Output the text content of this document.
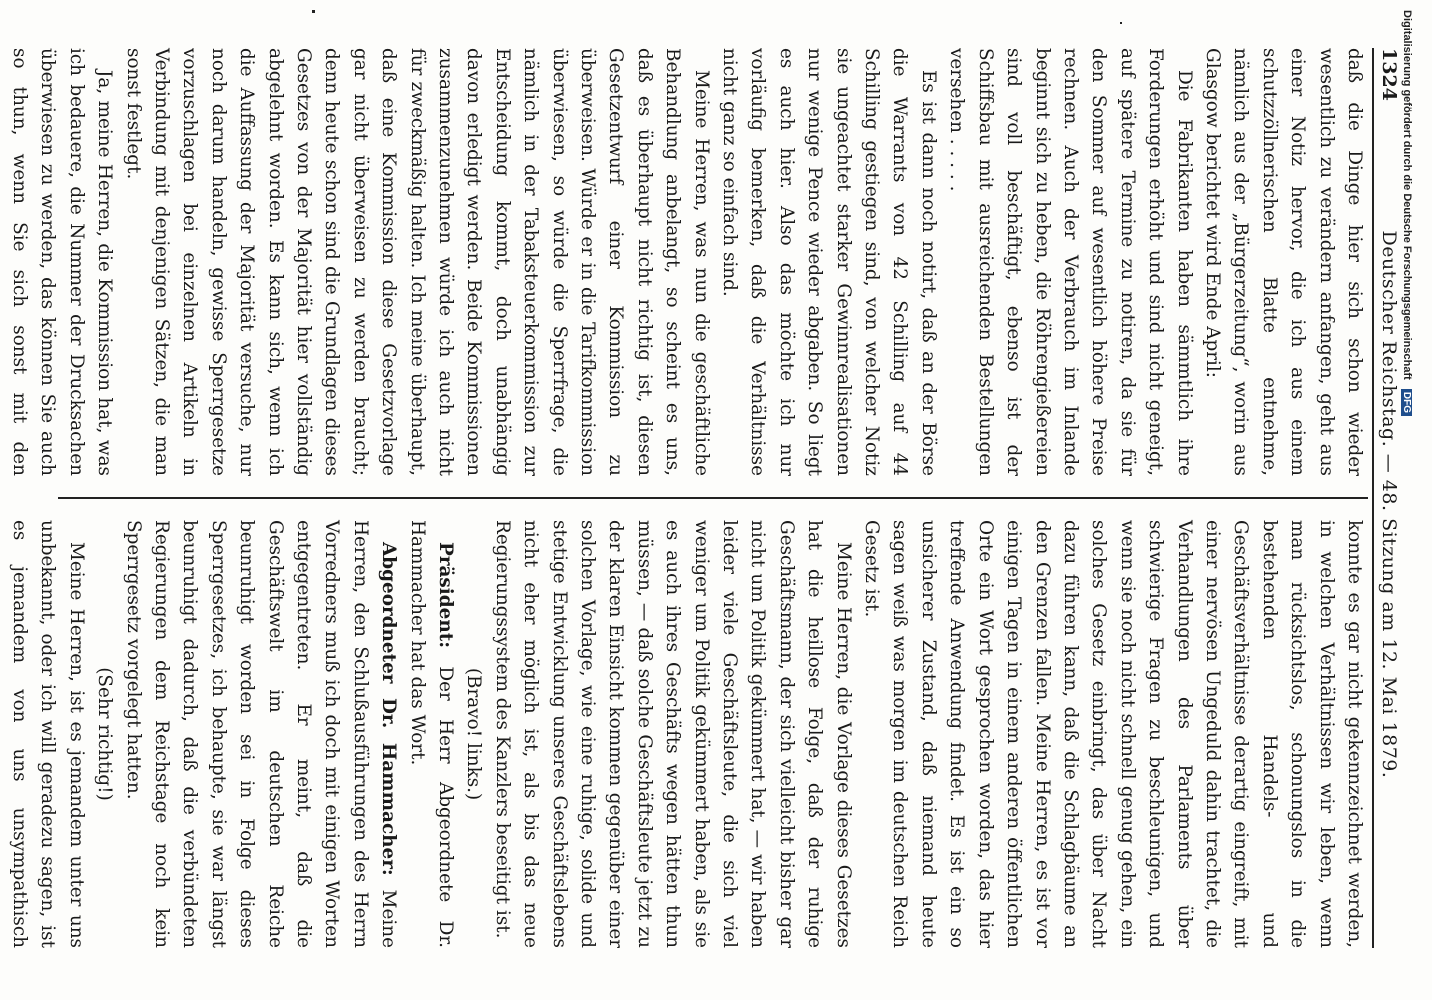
1324
Deutscher Reichstag. — 48. Sitzung am 12. Mai 1879.

daß die Dinge hier sich schon wieder wesentlich zu verändern anfangen, geht aus einer Notiz hervor, die ich aus einem schutzzöllnerischen Blatte entnehme, nämlich aus der „Bürgerzeitung“, worin aus Glasgow berichtet wird Ende April:

Die Fabrikanten haben sämmtlich ihre Forderungen erhöht und sind nicht geneigt, auf spätere Termine zu notiren, da sie für den Sommer auf wesentlich höhere Preise rechnen. Auch der Verbrauch im Inlande beginnt sich zu heben, die Röhrengießereien sind voll beschäftigt, ebenso ist der Schiffsbau mit ausreichenden Bestellungen versehen . . . . .

Es ist dann noch notirt, daß an der Börse die Warrants von 42 Schilling auf 44 Schilling gestiegen sind, von welcher Notiz sie ungeachtet starker Gewinnrealisationen nur wenige Pence wieder abgaben. So liegt es auch hier. Also das möchte ich nur vorläufig bemerken, daß die Verhältnisse nicht ganz so einfach sind.

Meine Herren, was nun die geschäftliche Behandlung anbelangt, so scheint es uns, daß es überhaupt nicht richtig ist, diesen Gesetzentwurf einer Kommission zu überweisen. Würde er in die Tarifkommission überwiesen, so würde die Sperrfrage, die nämlich in der Tabaksteuerkommission zur Entscheidung kommt, doch unabhängig davon erledigt werden. Beide Kommissionen zusammenzunehmen würde ich auch nicht für zweckmäßig halten. Ich meine überhaupt, daß eine Kommission diese Gesetzvorlage gar nicht überweisen zu werden braucht; denn heute schon sind die Grundlagen dieses Gesetzes von der Majorität hier vollständig abgelehnt worden. Es kann sich, wenn ich die Auffassung der Majorität versuche, nur noch darum handeln, gewisse Sperrgesetze vorzuschlagen bei einzelnen Artikeln in Verbindung mit denjenigen Sätzen, die man sonst festlegt.

Ja, meine Herren, die Kommission hat, was ich bedauere, die Nummer der Drucksachen überwiesen zu werden, das können Sie auch so thun, wenn Sie sich sonst mit den

konnte es gar nicht gekennzeichnet werden, in welchen Verhältnissen wir leben, wenn man rücksichtslos, schonungslos in die bestehenden Handels- und Geschäftsverhältnisse derartig eingreift, mit einer nervösen Ungeduld dahin trachtet, die Verhandlungen des Parlaments über schwierige Fragen zu beschleunigen, und wenn sie noch nicht schnell genug gehen, ein solches Gesetz einbringt, das über Nacht dazu führen kann, daß die Schlagbäume an den Grenzen fallen. Meine Herren, es ist vor einigen Tagen in einem anderen öffentlichen Orte ein Wort gesprochen worden, das hier treffende Anwendung findet. Es ist ein so unsicherer Zustand, daß niemand heute sagen weiß was morgen im deutschen Reich Gesetz ist.

Meine Herren, die Vorlage dieses Gesetzes hat die heillose Folge, daß der ruhige Geschäftsmann, der sich vielleicht bisher gar nicht um Politik gekümmert hat, — wir haben leider viele Geschäftsleute, die sich viel weniger um Politik gekümmert haben, als sie es auch ihres Geschäfts wegen hätten thun müssen, — daß solche Geschäftsleute jetzt zu der klaren Einsicht kommen gegenüber einer solchen Vorlage, wie eine ruhige, solide und stetige Entwicklung unseres Geschäftslebens nicht eher möglich ist, als bis das neue Regierungssystem des Kanzlers beseitigt ist.

(Bravo! links.)

Präsident: Der Herr Abgeordnete Dr. Hammacher hat das Wort.

Abgeordneter Dr. Hammacher: Meine Herren, den Schlußausführungen des Herrn Vorredners muß ich doch mit einigen Worten entgegentreten. Er meint, daß die Geschäftswelt im deutschen Reiche beunruhigt worden sei in Folge dieses Sperrgesetzes, ich behaupte, sie war längst beunruhigt dadurch, daß die verbündeten Regierungen dem Reichstage noch kein Sperrgesetz vorgelegt hatten.

(Sehr richtig!)

Meine Herren, ist es jemandem unter uns unbekannt, oder ich will geradezu sagen, ist es jemandem von uns unsympathisch

Digitalisierung gefördert durch die Deutsche Forschungsgemeinschaft DFG
